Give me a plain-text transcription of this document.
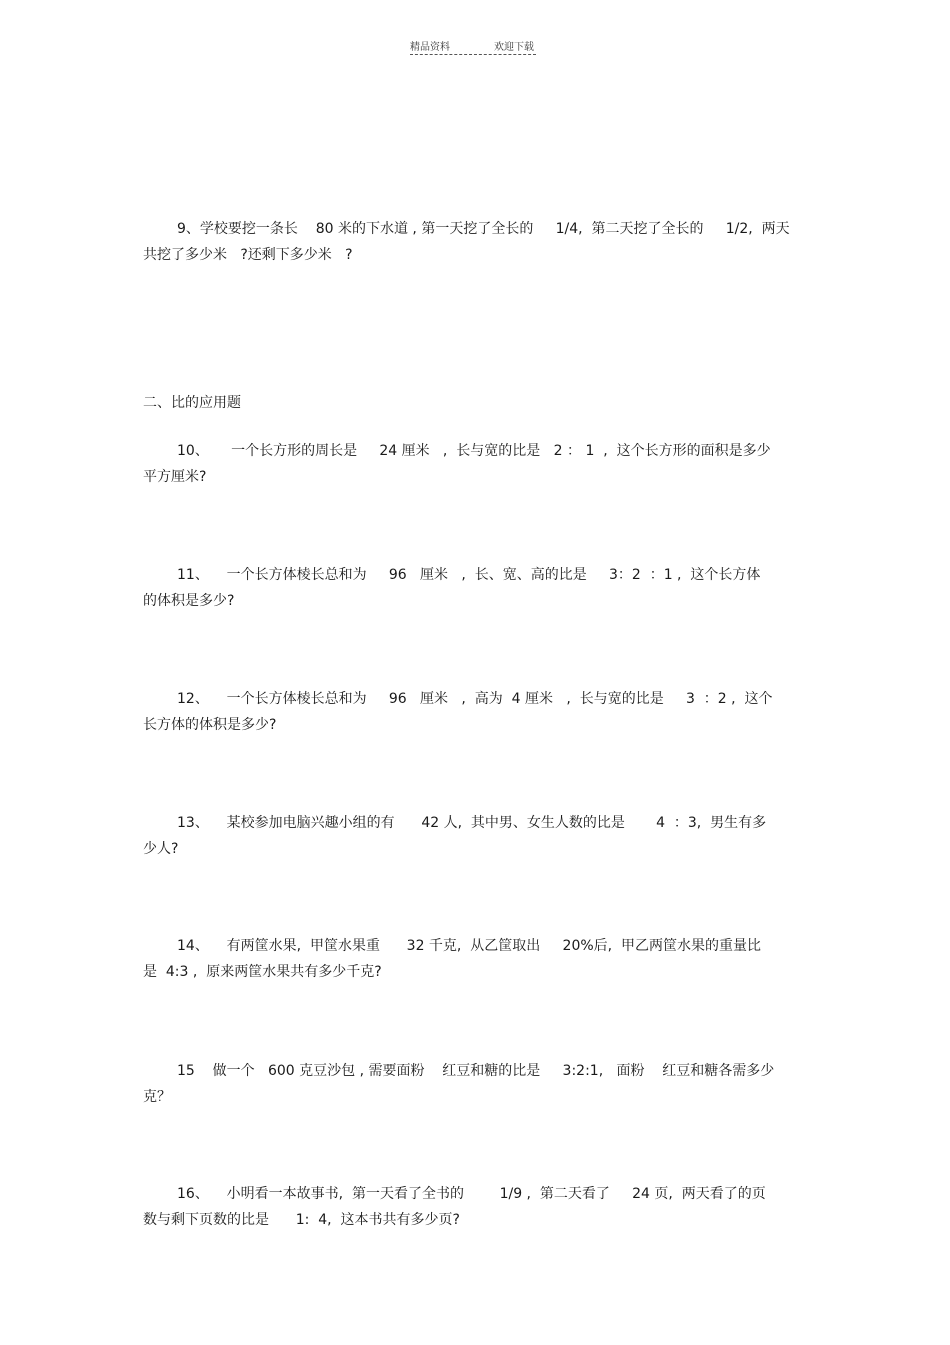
精品资料	欢迎下载
9、学校要挖一条长    80 米的下水道 , 第一天挖了全长的     1/4,  第二天挖了全长的     1/2,  两天
共挖了多少米   ?还剩下多少米   ?
二、比的应用题
10、     一个长方形的周长是     24 厘米   ,  长与宽的比是   2 ： 1  ,  这个长方形的面积是多少
平方厘米?
11、    一个长方体棱长总和为     96   厘米   ,  长、宽、高的比是     3：2  ：1 ,  这个长方体
的体积是多少?
12、    一个长方体棱长总和为     96   厘米   ,  高为  4 厘米   ,  长与宽的比是     3  ：2 ,  这个
长方体的体积是多少?
13、    某校参加电脑兴趣小组的有      42 人,  其中男、女生人数的比是       4  ：3,  男生有多
少人?
14、    有两筐水果,  甲筐水果重      32 千克,  从乙筐取出     20%后,  甲乙两筐水果的重量比
是  4:3 ,  原来两筐水果共有多少千克?
15    做一个   600 克豆沙包 , 需要面粉    红豆和糖的比是     3:2:1,   面粉    红豆和糖各需多少
克？
16、    小明看一本故事书,  第一天看了全书的        1/9 ,  第二天看了     24 页,  两天看了的页
数与剩下页数的比是      1:  4,  这本书共有多少页?
